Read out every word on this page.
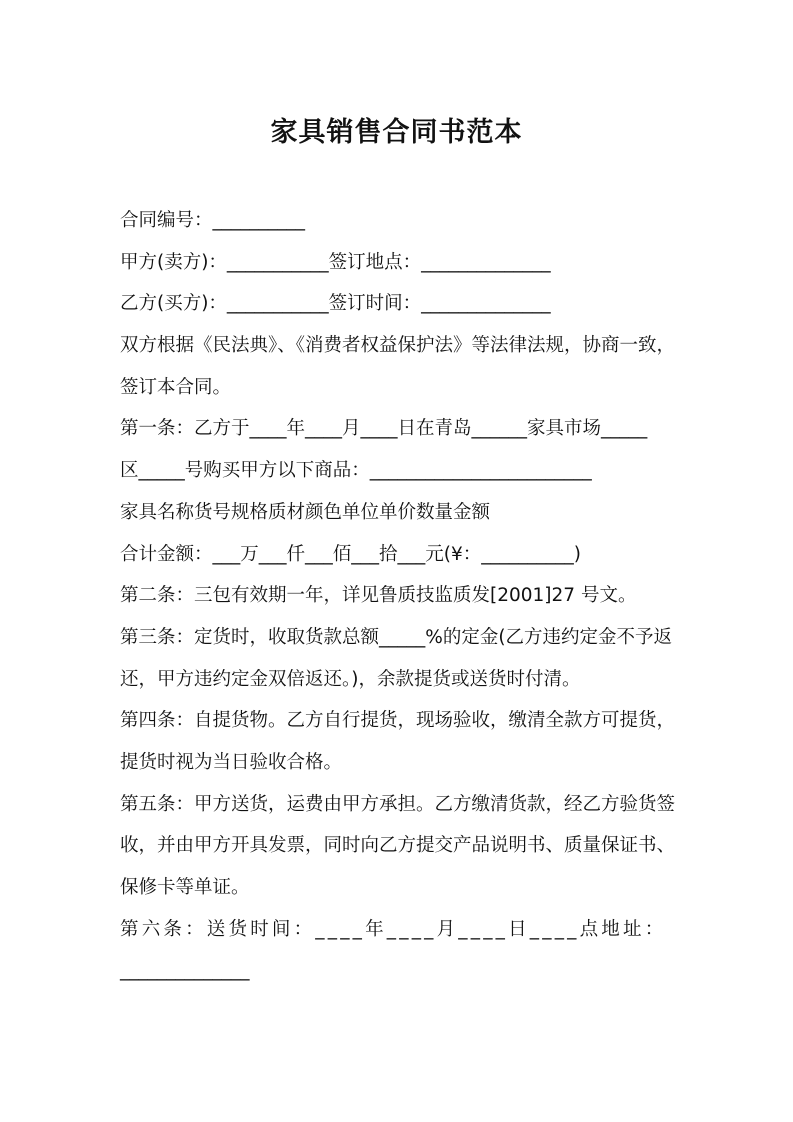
家具销售合同书范本
合同编号：__________
甲方(卖方)：___________签订地点：______________
乙方(买方)：___________签订时间：______________
双方根据《民法典》、《消费者权益保护法》等法律法规，协商一致，
签订本合同。
第一条：乙方于____年____月____日在青岛______家具市场_____
区_____号购买甲方以下商品：________________________
家具名称货号规格质材颜色单位单价数量金额
合计金额：___万___仟___佰___拾___元(¥：__________)
第二条：三包有效期一年，详见鲁质技监质发[2001]27 号文。
第三条：定货时，收取货款总额_____%的定金(乙方违约定金不予返
还，甲方违约定金双倍返还。)，余款提货或送货时付清。
第四条：自提货物。乙方自行提货，现场验收，缴清全款方可提货，
提货时视为当日验收合格。
第五条：甲方送货，运费由甲方承担。乙方缴清货款，经乙方验货签
收，并由甲方开具发票，同时向乙方提交产品说明书、质量保证书、
保修卡等单证。
第六条：送货时间：____年____月____日____点地址：
______________
